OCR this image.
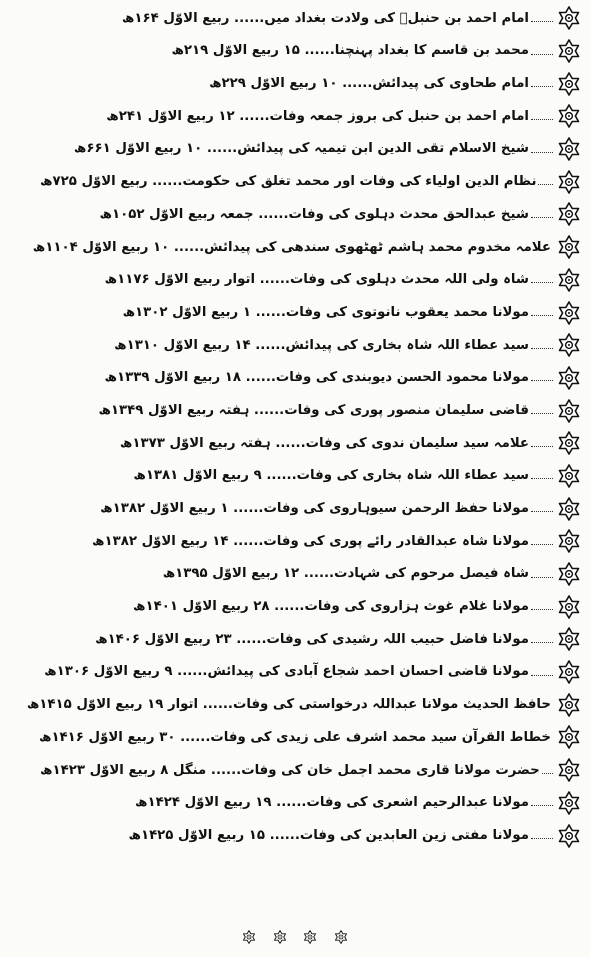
امام احمد بن حنبلؒ کی ولادت بغداد میں...... ربیع الاوّل ۱۶۴ھ
محمد بن قاسم کا بغداد پہنچنا...... ۱۵ ربیع الاوّل ۲۱۹ھ
امام طحاوی کی پیدائش...... ۱۰ ربیع الاوّل ۲۲۹ھ
امام احمد بن حنبل کی بروز جمعہ وفات...... ۱۲ ربیع الاوّل ۲۴۱ھ
شیخ الاسلام تقی الدین ابن تیمیہ کی پیدائش...... ۱۰ ربیع الاوّل ۶۶۱ھ
نظام الدین اولیاء کی وفات اور محمد تغلق کی حکومت...... ربیع الاوّل ۷۲۵ھ
شیخ عبدالحق محدث دہلوی کی وفات...... جمعہ ربیع الاوّل ۱۰۵۲ھ
علامہ مخدوم محمد ہاشم ٹھٹھوی سندھی کی پیدائش...... ۱۰ ربیع الاوّل ۱۱۰۴ھ
شاہ ولی اللہ محدث دہلوی کی وفات...... اتوار ربیع الاوّل ۱۱۷۶ھ
مولانا محمد یعقوب نانوتوی کی وفات...... ۱ ربیع الاوّل ۱۳۰۲ھ
سید عطاء اللہ شاہ بخاری کی پیدائش...... ۱۴ ربیع الاوّل ۱۳۱۰ھ
مولانا محمود الحسن دیوبندی کی وفات...... ۱۸ ربیع الاوّل ۱۳۳۹ھ
قاضی سلیمان منصور پوری کی وفات...... ہفتہ ربیع الاوّل ۱۳۴۹ھ
علامہ سید سلیمان ندوی کی وفات...... ہفتہ ربیع الاوّل ۱۳۷۳ھ
سید عطاء اللہ شاہ بخاری کی وفات...... ۹ ربیع الاوّل ۱۳۸۱ھ
مولانا حفظ الرحمن سیوہاروی کی وفات...... ۱ ربیع الاوّل ۱۳۸۲ھ
مولانا شاہ عبدالقادر رائے پوری کی وفات...... ۱۴ ربیع الاوّل ۱۳۸۲ھ
شاہ فیصل مرحوم کی شہادت...... ۱۲ ربیع الاوّل ۱۳۹۵ھ
مولانا غلام غوث ہزاروی کی وفات...... ۲۸ ربیع الاوّل ۱۴۰۱ھ
مولانا فاضل حبیب اللہ رشیدی کی وفات...... ۲۳ ربیع الاوّل ۱۴۰۶ھ
مولانا قاضی احسان احمد شجاع آبادی کی پیدائش...... ۹ ربیع الاوّل ۱۳۰۶ھ
حافظ الحدیث مولانا عبداللہ درخواستی کی وفات...... اتوار ۱۹ ربیع الاوّل ۱۴۱۵ھ
خطاط القرآن سید محمد اشرف علی زیدی کی وفات...... ۳۰ ربیع الاوّل ۱۴۱۶ھ
حضرت مولانا قاری محمد اجمل خان کی وفات...... منگل ۸ ربیع الاوّل ۱۴۲۳ھ
مولانا عبدالرحیم اشعری کی وفات...... ۱۹ ربیع الاوّل ۱۴۲۴ھ
مولانا مفتی زین العابدین کی وفات...... ۱۵ ربیع الاوّل ۱۴۲۵ھ
